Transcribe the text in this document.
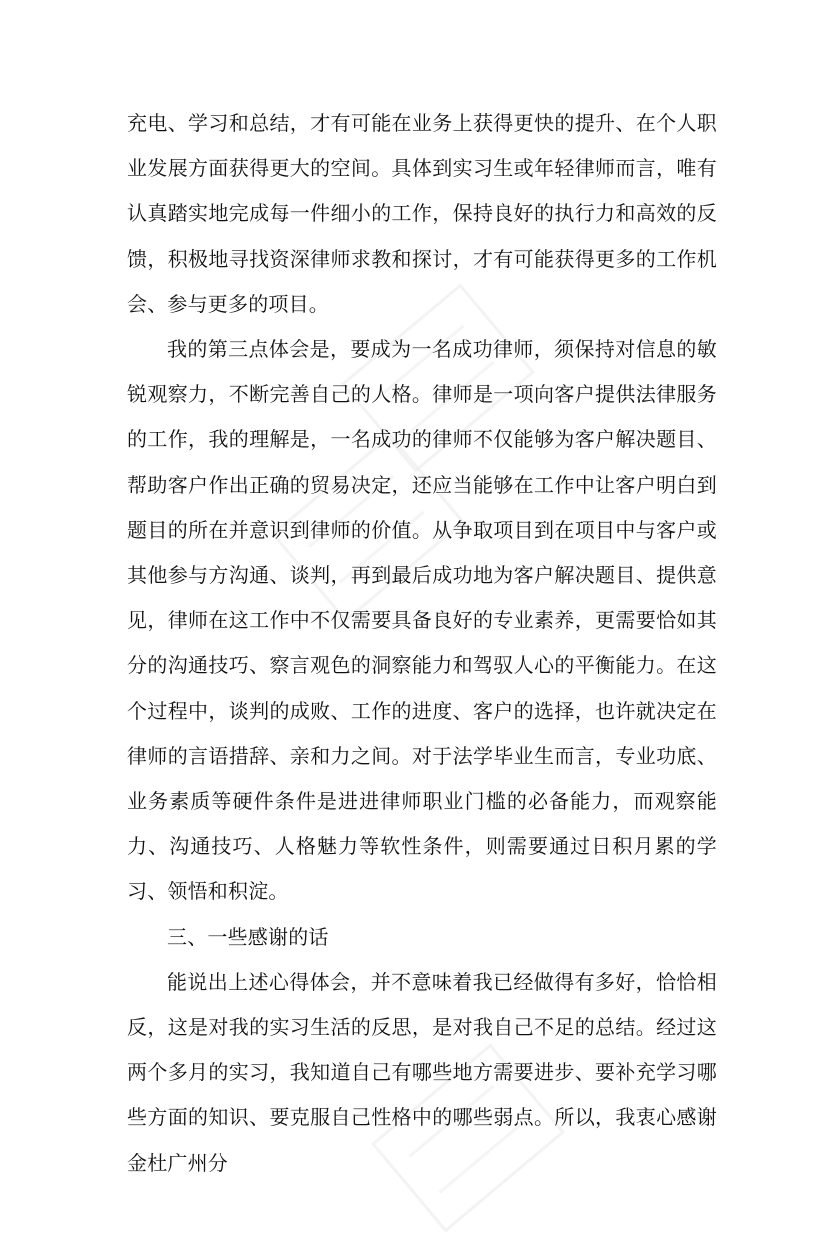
充电、学习和总结，才有可能在业务上获得更快的提升、在个人职业发展方面获得更大的空间。具体到实习生或年轻律师而言，唯有认真踏实地完成每一件细小的工作，保持良好的执行力和高效的反馈，积极地寻找资深律师求教和探讨，才有可能获得更多的工作机会、参与更多的项目。

我的第三点体会是，要成为一名成功律师，须保持对信息的敏锐观察力，不断完善自己的人格。律师是一项向客户提供法律服务的工作，我的理解是，一名成功的律师不仅能够为客户解决题目、帮助客户作出正确的贸易决定，还应当能够在工作中让客户明白到题目的所在并意识到律师的价值。从争取项目到在项目中与客户或其他参与方沟通、谈判，再到最后成功地为客户解决题目、提供意见，律师在这工作中不仅需要具备良好的专业素养，更需要恰如其分的沟通技巧、察言观色的洞察能力和驾驭人心的平衡能力。在这个过程中，谈判的成败、工作的进度、客户的选择，也许就决定在律师的言语措辞、亲和力之间。对于法学毕业生而言，专业功底、业务素质等硬件条件是进进律师职业门槛的必备能力，而观察能力、沟通技巧、人格魅力等软性条件，则需要通过日积月累的学习、领悟和积淀。

三、一些感谢的话

能说出上述心得体会，并不意味着我已经做得有多好，恰恰相反，这是对我的实习生活的反思，是对我自己不足的总结。经过这两个多月的实习，我知道自己有哪些地方需要进步、要补充学习哪些方面的知识、要克服自己性格中的哪些弱点。所以，我衷心感谢金杜广州分
